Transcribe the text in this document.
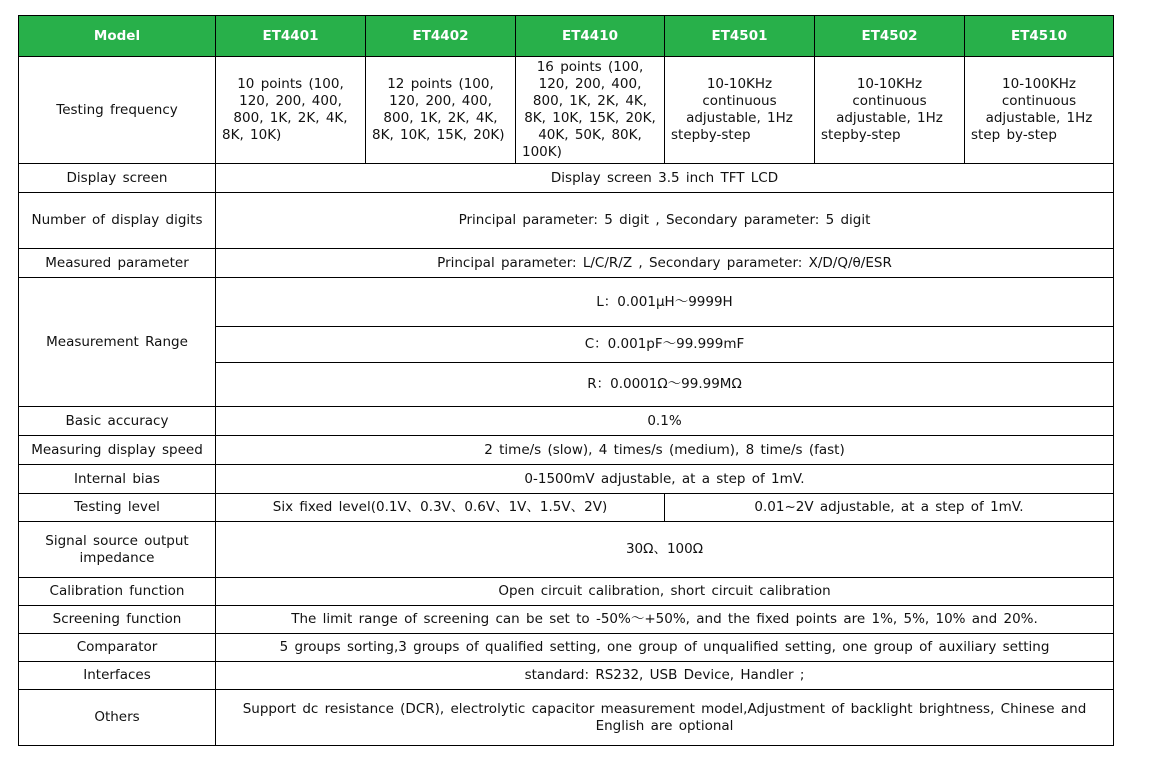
Model	ET4401	ET4402	ET4410	ET4501	ET4502	ET4510
Testing frequency	10 points (100, 120, 200, 400, 800, 1K, 2K, 4K, 8K, 10K)	12 points (100, 120, 200, 400, 800, 1K, 2K, 4K, 8K, 10K, 15K, 20K)	16 points (100, 120, 200, 400, 800, 1K, 2K, 4K, 8K, 10K, 15K, 20K, 40K, 50K, 80K, 100K)	10-10KHz continuous adjustable, 1Hz stepby-step	10-10KHz continuous adjustable, 1Hz stepby-step	10-100KHz continuous adjustable, 1Hz step by-step
Display screen	Display screen 3.5 inch TFT LCD					
Number of display digits	Principal parameter: 5 digit , Secondary parameter: 5 digit					
Measured parameter	Principal parameter: L/C/R/Z , Secondary parameter: X/D/Q/θ/ESR					
Measurement Range	L：0.001μH～9999H					
	C：0.001pF～99.999mF					
	R：0.0001Ω～99.99MΩ					
Basic accuracy	0.1%					
Measuring display speed	2 time/s (slow), 4 times/s (medium), 8 time/s (fast)					
Internal bias	0-1500mV adjustable, at a step of 1mV.					
Testing level	Six fixed level(0.1V、0.3V、0.6V、1V、1.5V、2V)			0.01~2V adjustable, at a step of 1mV.		
Signal source output impedance	30Ω、100Ω					
Calibration function	Open circuit calibration, short circuit calibration					
Screening function	The limit range of screening can be set to -50%～+50%, and the fixed points are 1%, 5%, 10% and 20%.					
Comparator	5 groups sorting,3 groups of qualified setting, one group of unqualified setting, one group of auxiliary setting					
Interfaces	standard: RS232, USB Device, Handler ;					
Others	Support dc resistance (DCR), electrolytic capacitor measurement model,Adjustment of backlight brightness, Chinese and English are optional					
